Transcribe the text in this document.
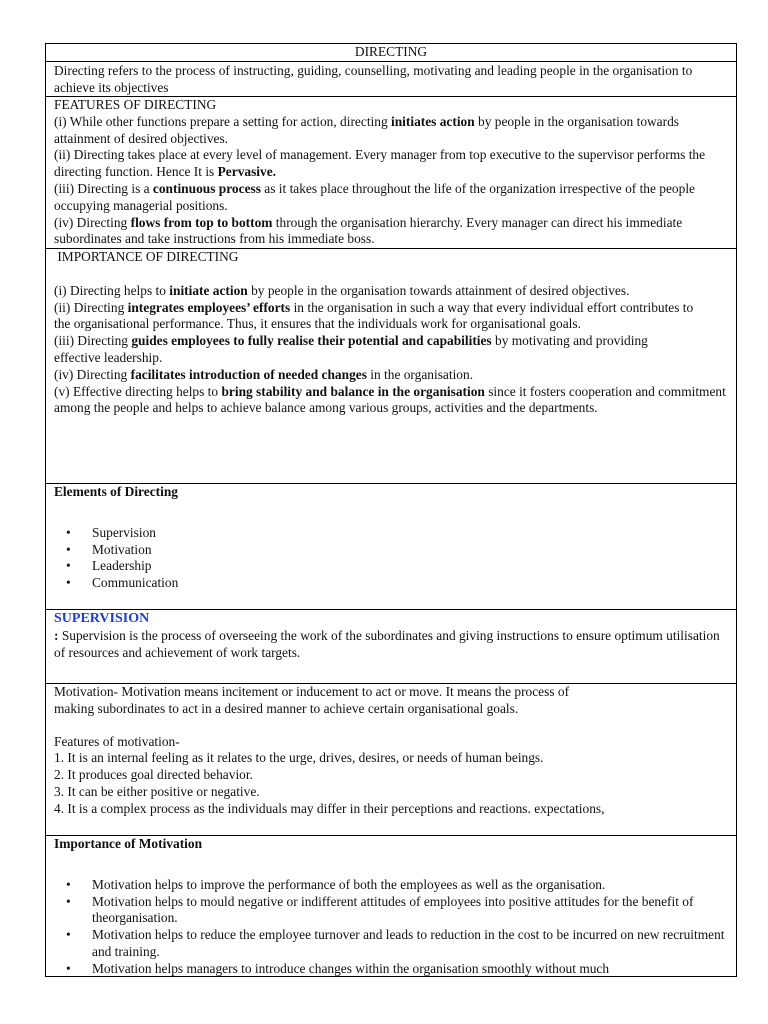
DIRECTING

Directing refers to the process of instructing, guiding, counselling, motivating and leading people in the organisation to achieve its objectives

FEATURES OF DIRECTING

(i) While other functions prepare a setting for action, directing initiates action by people in the organisation towards attainment of desired objectives.

(ii) Directing takes place at every level of management. Every manager from top executive to the supervisor performs the directing function. Hence It is Pervasive.

(iii) Directing is a continuous process as it takes place throughout the life of the organization irrespective of the people occupying managerial positions.

(iv) Directing flows from top to bottom through the organisation hierarchy. Every manager can direct his immediate subordinates and take instructions from his immediate boss.

IMPORTANCE OF DIRECTING

(i) Directing helps to initiate action by people in the organisation towards attainment of desired objectives.

(ii) Directing integrates employees’ efforts in the organisation in such a way that every individual effort contributes to the organisational performance. Thus, it ensures that the individuals work for organisational goals.

(iii) Directing guides employees to fully realise their potential and capabilities by motivating and providing effective leadership.

(iv) Directing facilitates introduction of needed changes in the organisation.

(v) Effective directing helps to bring stability and balance in the organisation since it fosters cooperation and commitment among the people and helps to achieve balance among various groups, activities and the departments.

Elements of Directing

• Supervision
• Motivation
• Leadership
• Communication

SUPERVISION

: Supervision is the process of overseeing the work of the subordinates and giving instructions to ensure optimum utilisation of resources and achievement of work targets.

Motivation- Motivation means incitement or inducement to act or move. It means the process of

making subordinates to act in a desired manner to achieve certain organisational goals.

Features of motivation-

1. It is an internal feeling as it relates to the urge, drives, desires, or needs of human beings.

2. It produces goal directed behavior.

3. It can be either positive or negative.

4. It is a complex process as the individuals may differ in their perceptions and reactions. expectations,

Importance of Motivation

• Motivation helps to improve the performance of both the employees as well as the organisation.
• Motivation helps to mould negative or indifferent attitudes of employees into positive attitudes for the benefit of theorganisation.
• Motivation helps to reduce the employee turnover and leads to reduction in the cost to be incurred on new recruitment and training.
• Motivation helps managers to introduce changes within the organisation smoothly without much
